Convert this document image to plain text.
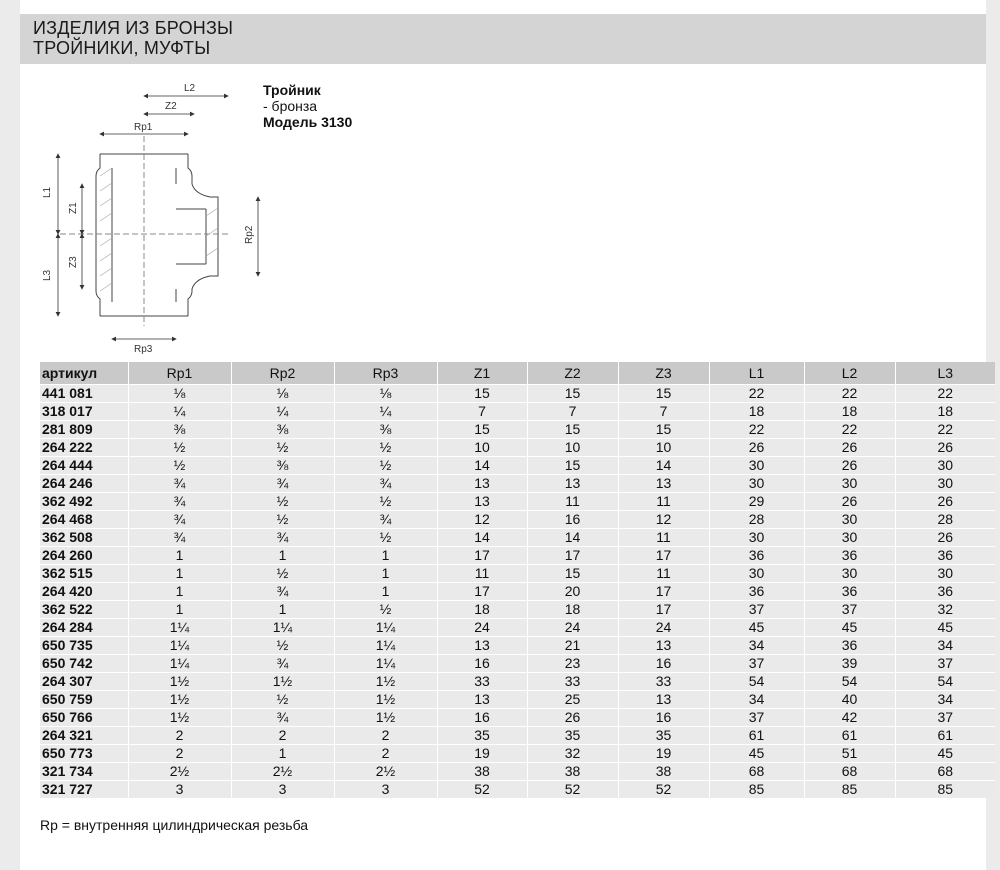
ИЗДЕЛИЯ ИЗ БРОНЗЫ
ТРОЙНИКИ, МУФТЫ
L2
Z2
Rp1
L1
Z1
Rp2
L3
Z3
Rp3
Тройник
- бронза
Модель 3130
артикул	Rp1	Rp2	Rp3	Z1	Z2	Z3	L1	L2	L3
441 081	⅛	⅛	⅛	15	15	15	22	22	22
318 017	¼	¼	¼	7	7	7	18	18	18
281 809	⅜	⅜	⅜	15	15	15	22	22	22
264 222	½	½	½	10	10	10	26	26	26
264 444	½	⅜	½	14	15	14	30	26	30
264 246	¾	¾	¾	13	13	13	30	30	30
362 492	¾	½	½	13	11	11	29	26	26
264 468	¾	½	¾	12	16	12	28	30	28
362 508	¾	¾	½	14	14	11	30	30	26
264 260	1	1	1	17	17	17	36	36	36
362 515	1	½	1	11	15	11	30	30	30
264 420	1	¾	1	17	20	17	36	36	36
362 522	1	1	½	18	18	17	37	37	32
264 284	1¼	1¼	1¼	24	24	24	45	45	45
650 735	1¼	½	1¼	13	21	13	34	36	34
650 742	1¼	¾	1¼	16	23	16	37	39	37
264 307	1½	1½	1½	33	33	33	54	54	54
650 759	1½	½	1½	13	25	13	34	40	34
650 766	1½	¾	1½	16	26	16	37	42	37
264 321	2	2	2	35	35	35	61	61	61
650 773	2	1	2	19	32	19	45	51	45
321 734	2½	2½	2½	38	38	38	68	68	68
321 727	3	3	3	52	52	52	85	85	85
Rp = внутренняя цилиндрическая резьба
